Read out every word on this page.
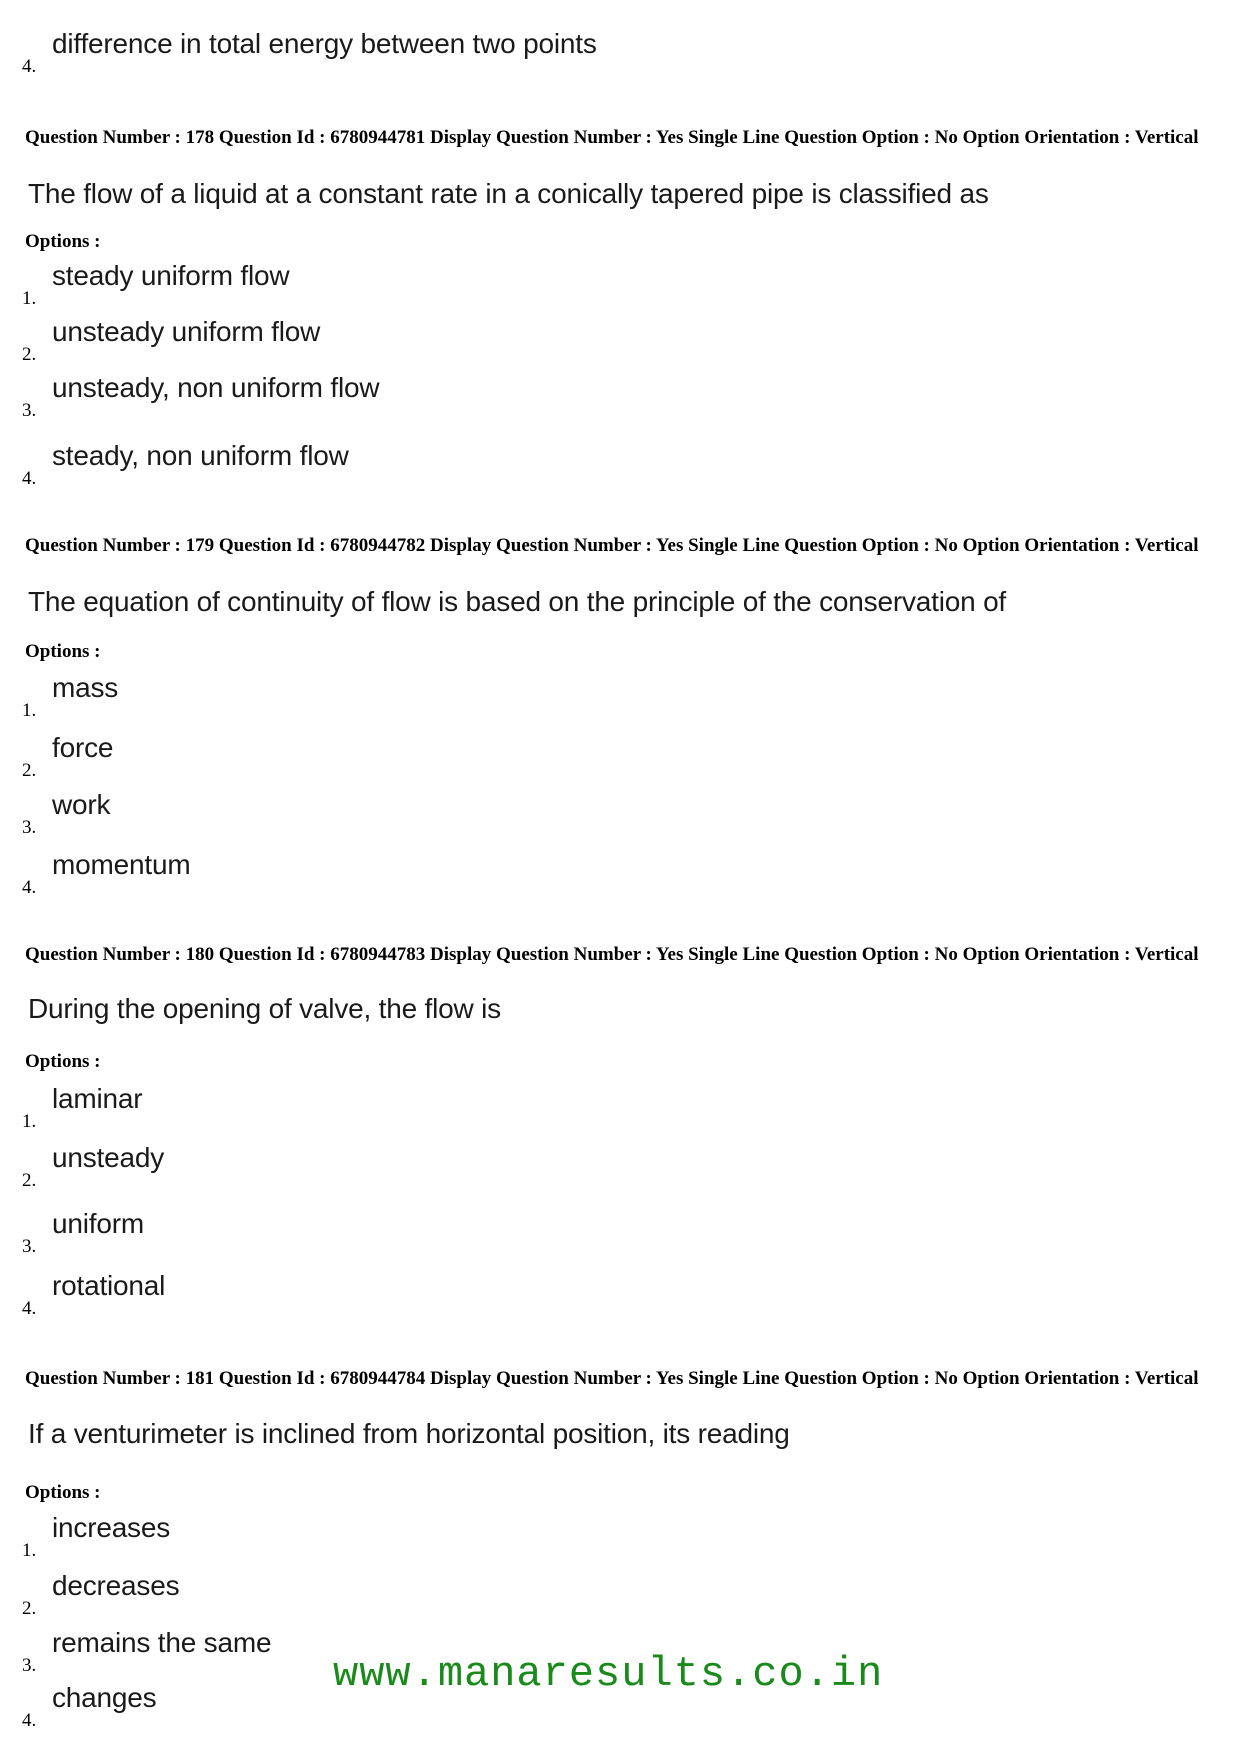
4.
difference in total energy between two points
Question Number : 178 Question Id : 6780944781 Display Question Number : Yes Single Line Question Option : No Option Orientation : Vertical
The flow of a liquid at a constant rate in a conically tapered pipe is classified as
Options :
1.
steady uniform flow
2.
unsteady uniform flow
3.
unsteady, non uniform flow
4.
steady, non uniform flow
Question Number : 179 Question Id : 6780944782 Display Question Number : Yes Single Line Question Option : No Option Orientation : Vertical
The equation of continuity of flow is based on the principle of the conservation of
Options :
1.
mass
2.
force
3.
work
4.
momentum
Question Number : 180 Question Id : 6780944783 Display Question Number : Yes Single Line Question Option : No Option Orientation : Vertical
During the opening of valve, the flow is
Options :
1.
laminar
2.
unsteady
3.
uniform
4.
rotational
Question Number : 181 Question Id : 6780944784 Display Question Number : Yes Single Line Question Option : No Option Orientation : Vertical
If a venturimeter is inclined from horizontal position, its reading
Options :
1.
increases
2.
decreases
3.
remains the same
4.
changes	www.manaresults.co.in
